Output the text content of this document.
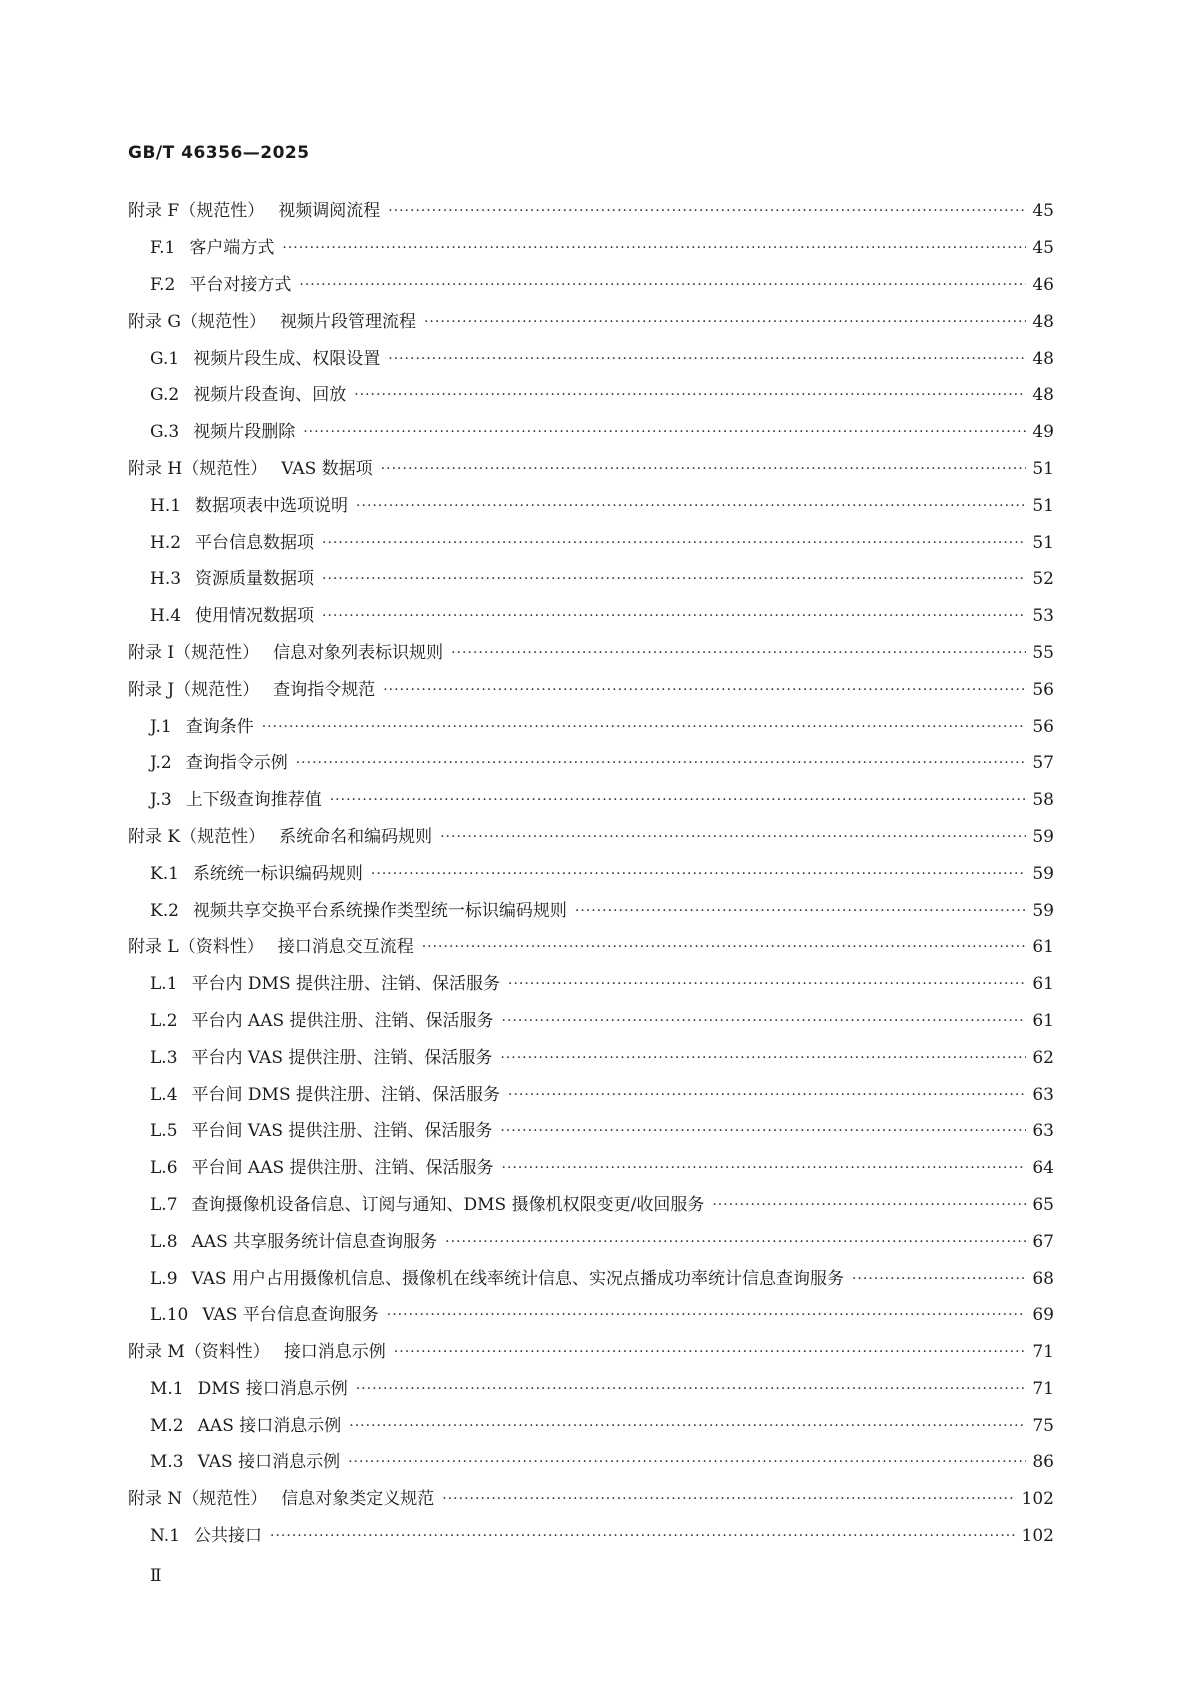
GB/T 46356—2025
附录 F（规范性） 视频调阅流程 ·····	45
F.1 客户端方式 ·····	45
F.2 平台对接方式 ·····	46
附录 G（规范性） 视频片段管理流程 ·····	48
G.1 视频片段生成、权限设置 ·····	48
G.2 视频片段查询、回放 ·····	48
G.3 视频片段删除 ·····	49
附录 H（规范性） VAS 数据项 ·····	51
H.1 数据项表中选项说明 ·····	51
H.2 平台信息数据项 ·····	51
H.3 资源质量数据项 ·····	52
H.4 使用情况数据项 ·····	53
附录 I（规范性） 信息对象列表标识规则 ·····	55
附录 J（规范性） 查询指令规范 ·····	56
J.1 查询条件 ·····	56
J.2 查询指令示例 ·····	57
J.3 上下级查询推荐值 ·····	58
附录 K（规范性） 系统命名和编码规则 ·····	59
K.1 系统统一标识编码规则 ·····	59
K.2 视频共享交换平台系统操作类型统一标识编码规则 ·····	59
附录 L（资料性） 接口消息交互流程 ·····	61
L.1 平台内 DMS 提供注册、注销、保活服务 ·····	61
L.2 平台内 AAS 提供注册、注销、保活服务 ·····	61
L.3 平台内 VAS 提供注册、注销、保活服务 ·····	62
L.4 平台间 DMS 提供注册、注销、保活服务 ·····	63
L.5 平台间 VAS 提供注册、注销、保活服务 ·····	63
L.6 平台间 AAS 提供注册、注销、保活服务 ·····	64
L.7 查询摄像机设备信息、订阅与通知、DMS 摄像机权限变更/收回服务 ·····	65
L.8 AAS 共享服务统计信息查询服务 ·····	67
L.9 VAS 用户占用摄像机信息、摄像机在线率统计信息、实况点播成功率统计信息查询服务 ·····	68
L.10 VAS 平台信息查询服务 ·····	69
附录 M（资料性） 接口消息示例 ·····	71
M.1 DMS 接口消息示例 ·····	71
M.2 AAS 接口消息示例 ·····	75
M.3 VAS 接口消息示例 ·····	86
附录 N（规范性） 信息对象类定义规范 ·····	102
N.1 公共接口 ·····	102
Ⅱ
